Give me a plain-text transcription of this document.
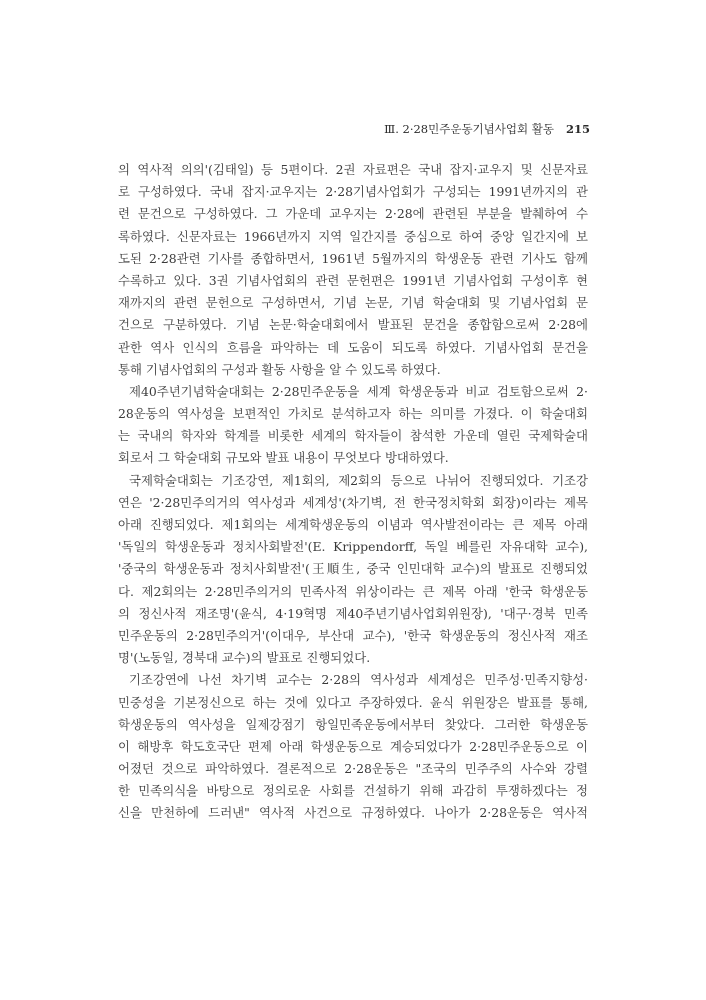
Ⅲ. 2·28민주운동기념사업회 활동 215
의 역사적 의의'(김태일) 등 5편이다. 2권 자료편은 국내 잡지·교우지 및 신문자료
로 구성하였다. 국내 잡지·교우지는 2·28기념사업회가 구성되는 1991년까지의 관
련 문건으로 구성하였다. 그 가운데 교우지는 2·28에 관련된 부분을 발췌하여 수
록하였다. 신문자료는 1966년까지 지역 일간지를 중심으로 하여 중앙 일간지에 보
도된 2·28관련 기사를 종합하면서, 1961년 5월까지의 학생운동 관련 기사도 함께
수록하고 있다. 3권 기념사업회의 관련 문헌편은 1991년 기념사업회 구성이후 현
재까지의 관련 문헌으로 구성하면서, 기념 논문, 기념 학술대회 및 기념사업회 문
건으로 구분하였다. 기념 논문·학술대회에서 발표된 문건을 종합함으로써 2·28에
관한 역사 인식의 흐름을 파악하는 데 도움이 되도록 하였다. 기념사업회 문건을
통해 기념사업회의 구성과 활동 사항을 알 수 있도록 하였다.
제40주년기념학술대회는 2·28민주운동을 세계 학생운동과 비교 검토함으로써 2·
28운동의 역사성을 보편적인 가치로 분석하고자 하는 의미를 가졌다. 이 학술대회
는 국내의 학자와 학계를 비롯한 세계의 학자들이 참석한 가운데 열린 국제학술대
회로서 그 학술대회 규모와 발표 내용이 무엇보다 방대하였다.
국제학술대회는 기조강연, 제1회의, 제2회의 등으로 나뉘어 진행되었다. 기조강
연은 '2·28민주의거의 역사성과 세계성'(차기벽, 전 한국정치학회 회장)이라는 제목
아래 진행되었다. 제1회의는 세계학생운동의 이념과 역사발전이라는 큰 제목 아래
'독일의 학생운동과 정치사회발전'(E. Krippendorff, 독일 베를린 자유대학 교수),
'중국의 학생운동과 정치사회발전'(王順生, 중국 인민대학 교수)의 발표로 진행되었
다. 제2회의는 2·28민주의거의 민족사적 위상이라는 큰 제목 아래 '한국 학생운동
의 정신사적 재조명'(윤식, 4·19혁명 제40주년기념사업회위원장), '대구·경북 민족
민주운동의 2·28민주의거'(이대우, 부산대 교수), '한국 학생운동의 정신사적 재조
명'(노동일, 경북대 교수)의 발표로 진행되었다.
기조강연에 나선 차기벽 교수는 2·28의 역사성과 세계성은 민주성·민족지향성·
민중성을 기본정신으로 하는 것에 있다고 주장하였다. 윤식 위원장은 발표를 통해,
학생운동의 역사성을 일제강점기 항일민족운동에서부터 찾았다. 그러한 학생운동
이 해방후 학도호국단 편제 아래 학생운동으로 계승되었다가 2·28민주운동으로 이
어졌던 것으로 파악하였다. 결론적으로 2·28운동은 "조국의 민주주의 사수와 강렬
한 민족의식을 바탕으로 정의로운 사회를 건설하기 위해 과감히 투쟁하겠다는 정
신을 만천하에 드러낸" 역사적 사건으로 규정하였다. 나아가 2·28운동은 역사적
